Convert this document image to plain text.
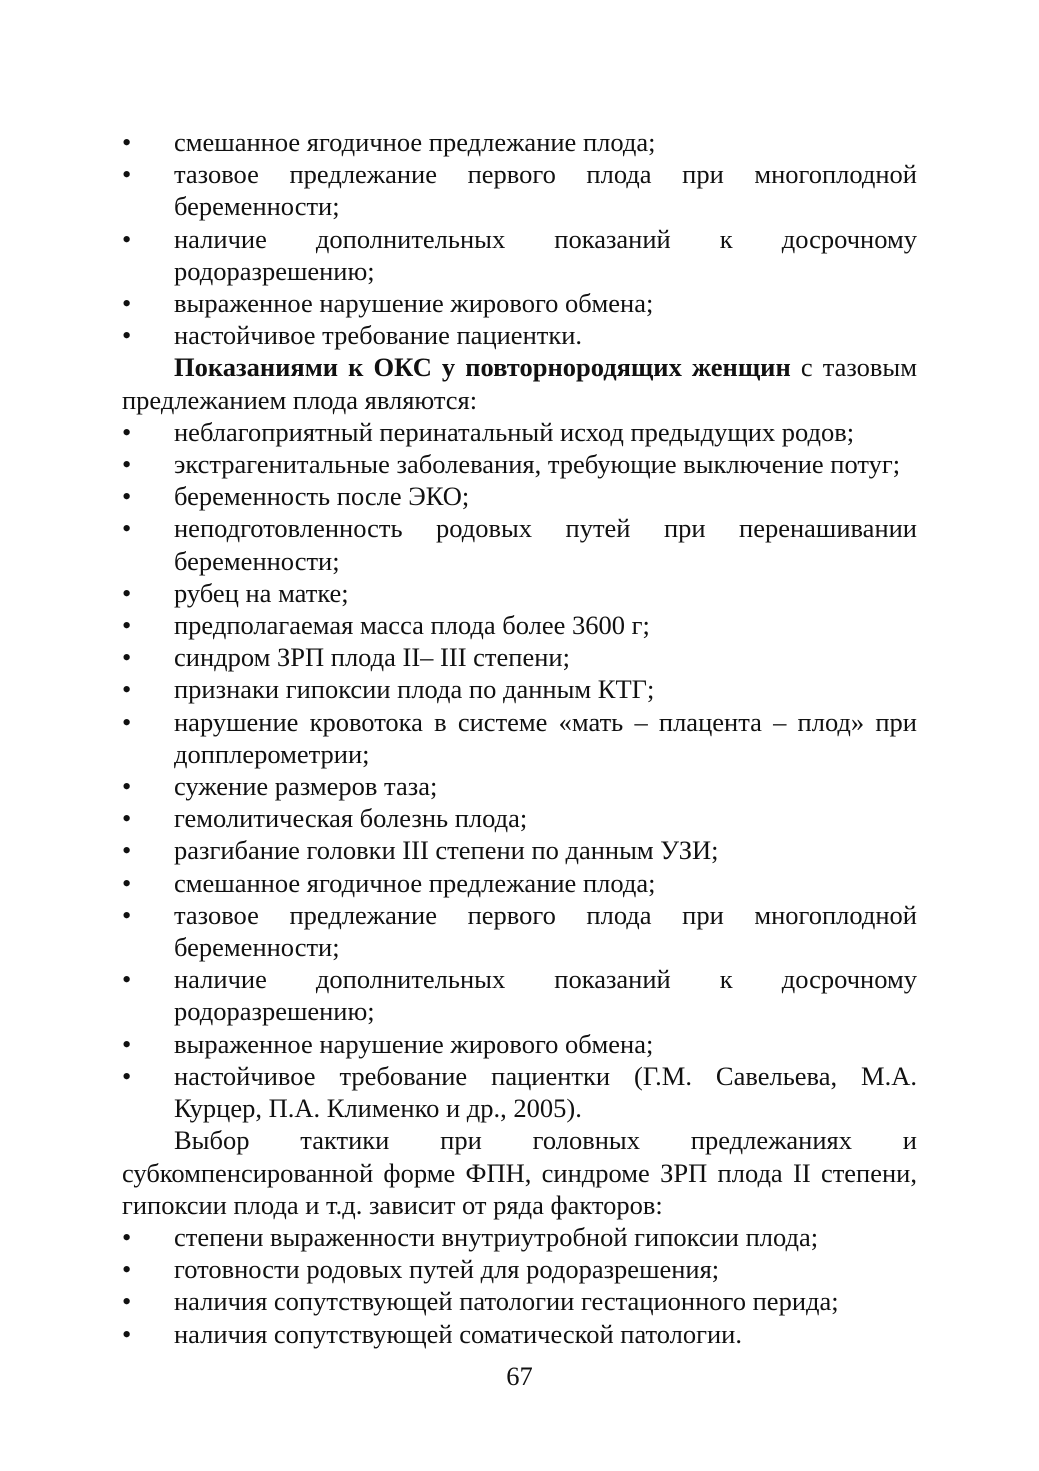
•	смешанное ягодичное предлежание плода;
•	тазовое предлежание первого плода при многоплодной беременности;
•	наличие дополнительных показаний к досрочному родоразрешению;
•	выраженное нарушение жирового обмена;
•	настойчивое требование пациентки.

Показаниями к ОКС у повторнородящих женщин с тазовым предлежанием плода являются:

•	неблагоприятный перинатальный исход предыдущих родов;
•	экстрагенитальные заболевания, требующие выключение потуг;
•	беременность после ЭКО;
•	неподготовленность родовых путей при перенашивании беременности;
•	рубец на матке;
•	предполагаемая масса плода более 3600 г;
•	синдром ЗРП плода II– III степени;
•	признаки гипоксии плода по данным КТГ;
•	нарушение кровотока в системе «мать – плацента – плод» при допплерометрии;
•	сужение размеров таза;
•	гемолитическая болезнь плода;
•	разгибание головки III степени по данным УЗИ;
•	смешанное ягодичное предлежание плода;
•	тазовое предлежание первого плода при многоплодной беременности;
•	наличие дополнительных показаний к досрочному родоразрешению;
•	выраженное нарушение жирового обмена;
•	настойчивое требование пациентки (Г.М. Савельева, М.А. Курцер, П.А. Клименко и др., 2005).

Выбор тактики при головных предлежаниях и субкомпенсированной форме ФПН, синдроме ЗРП плода II степени, гипоксии плода и т.д. зависит от ряда факторов:

•	степени выраженности внутриутробной гипоксии плода;
•	готовности родовых путей для родоразрешения;
•	наличия сопутствующей патологии гестационного перида;
•	наличия сопутствующей соматической патологии.
67
